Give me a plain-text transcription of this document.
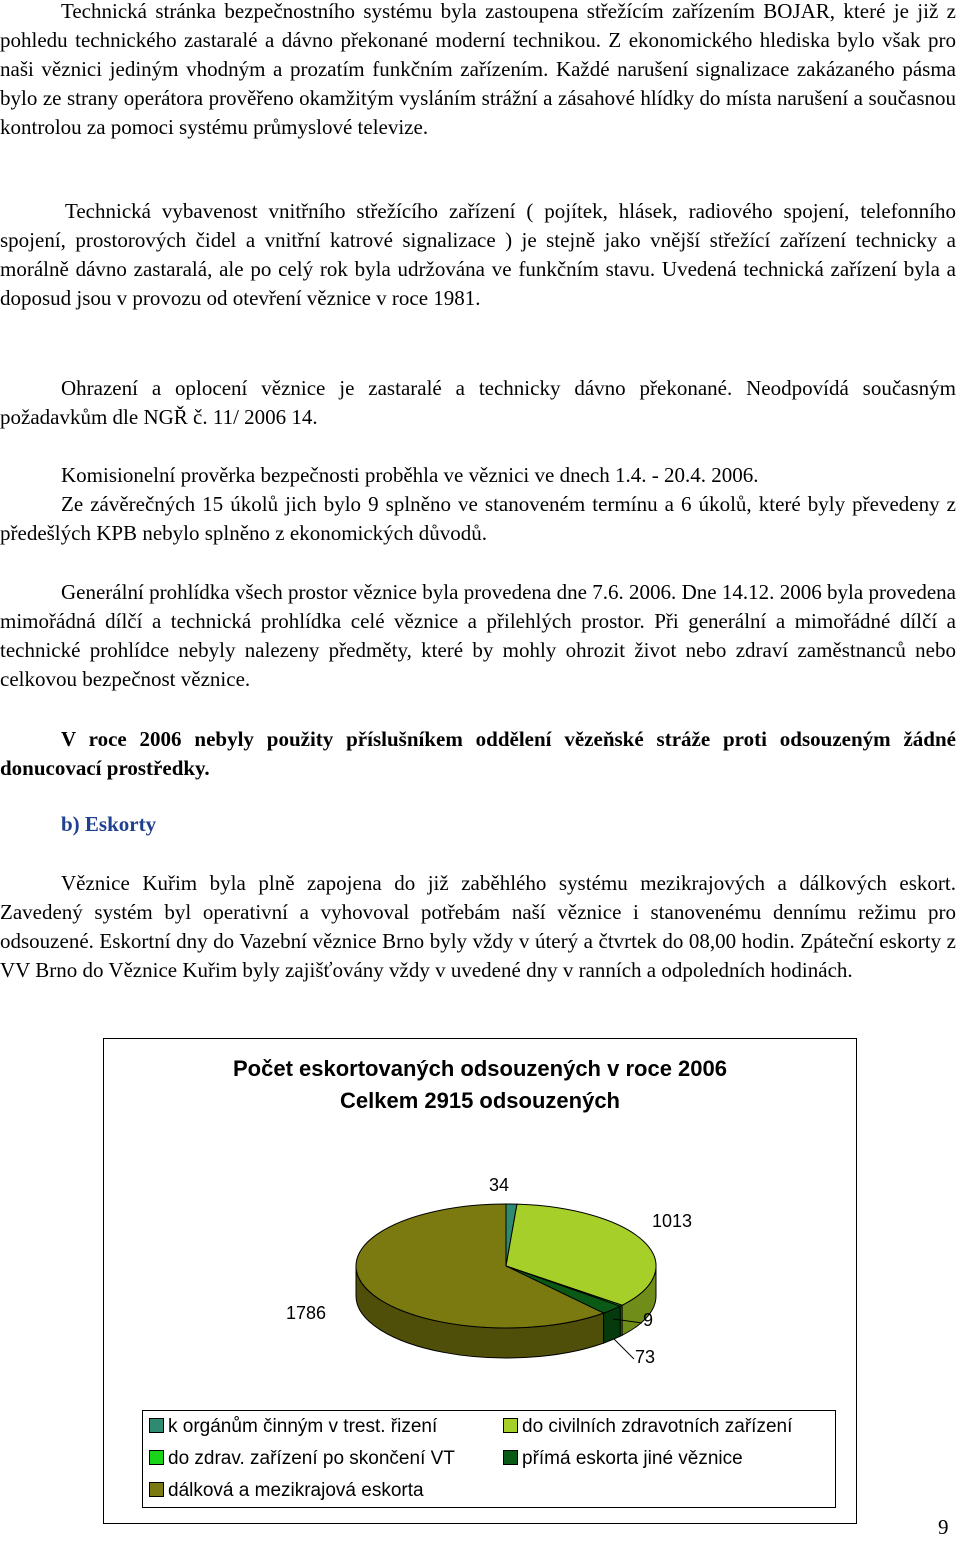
Technická stránka bezpečnostního systému byla zastoupena střežícím zařízením BOJAR, které je již z pohledu technického zastaralé a dávno překonané moderní technikou. Z ekonomického hlediska bylo však pro naši věznici jediným vhodným a prozatím funkčním zařízením. Každé narušení signalizace zakázaného pásma bylo ze strany operátora prověřeno okamžitým vysláním strážní a zásahové hlídky do místa narušení a současnou kontrolou za pomoci systému průmyslové televize.

Technická vybavenost vnitřního střežícího zařízení ( pojítek, hlásek, radiového spojení, telefonního spojení, prostorových čidel a vnitřní katrové signalizace ) je stejně jako vnější střežící zařízení technicky a morálně dávno zastaralá, ale po celý rok byla udržována ve funkčním stavu. Uvedená technická zařízení byla a doposud jsou v provozu od otevření věznice v roce 1981.

Ohrazení a oplocení věznice je zastaralé a technicky dávno překonané. Neodpovídá současným požadavkům dle NGŘ č. 11/ 2006 14.

Komisionelní prověrka bezpečnosti proběhla ve věznici ve dnech 1.4. - 20.4. 2006.
Ze závěrečných 15 úkolů jich bylo 9 splněno ve stanoveném termínu a 6 úkolů, které byly převedeny z předešlých KPB nebylo splněno z ekonomických důvodů.

Generální prohlídka všech prostor věznice byla provedena dne 7.6. 2006. Dne 14.12. 2006 byla provedena mimořádná dílčí a technická prohlídka celé věznice a přilehlých prostor. Při generální a mimořádné dílčí a technické prohlídce nebyly nalezeny předměty, které by mohly ohrozit život nebo zdraví zaměstnanců nebo celkovou bezpečnost věznice.

V roce 2006 nebyly použity příslušníkem oddělení vězeňské stráže proti odsouzeným žádné donucovací prostředky.

b) Eskorty

Věznice Kuřim byla plně zapojena do již zaběhlého systému mezikrajových a dálkových eskort. Zavedený systém byl operativní a vyhovoval potřebám naší věznice i stanovenému dennímu režimu pro odsouzené. Eskortní dny do Vazební věznice Brno byly vždy v úterý a čtvrtek do 08,00 hodin. Zpáteční eskorty z VV Brno do Věznice Kuřim byly zajišťovány vždy v uvedené dny v ranních a odpoledních hodinách.

Počet eskortovaných odsouzených v roce 2006
Celkem 2915 odsouzených
34
1013
9
73
1786
k orgánům činným v trest. řizení	do civilních zdravotních zařízení
do zdrav. zařízení po skončení VT	přímá eskorta jiné věznice
dálková a mezikrajová eskorta
9
